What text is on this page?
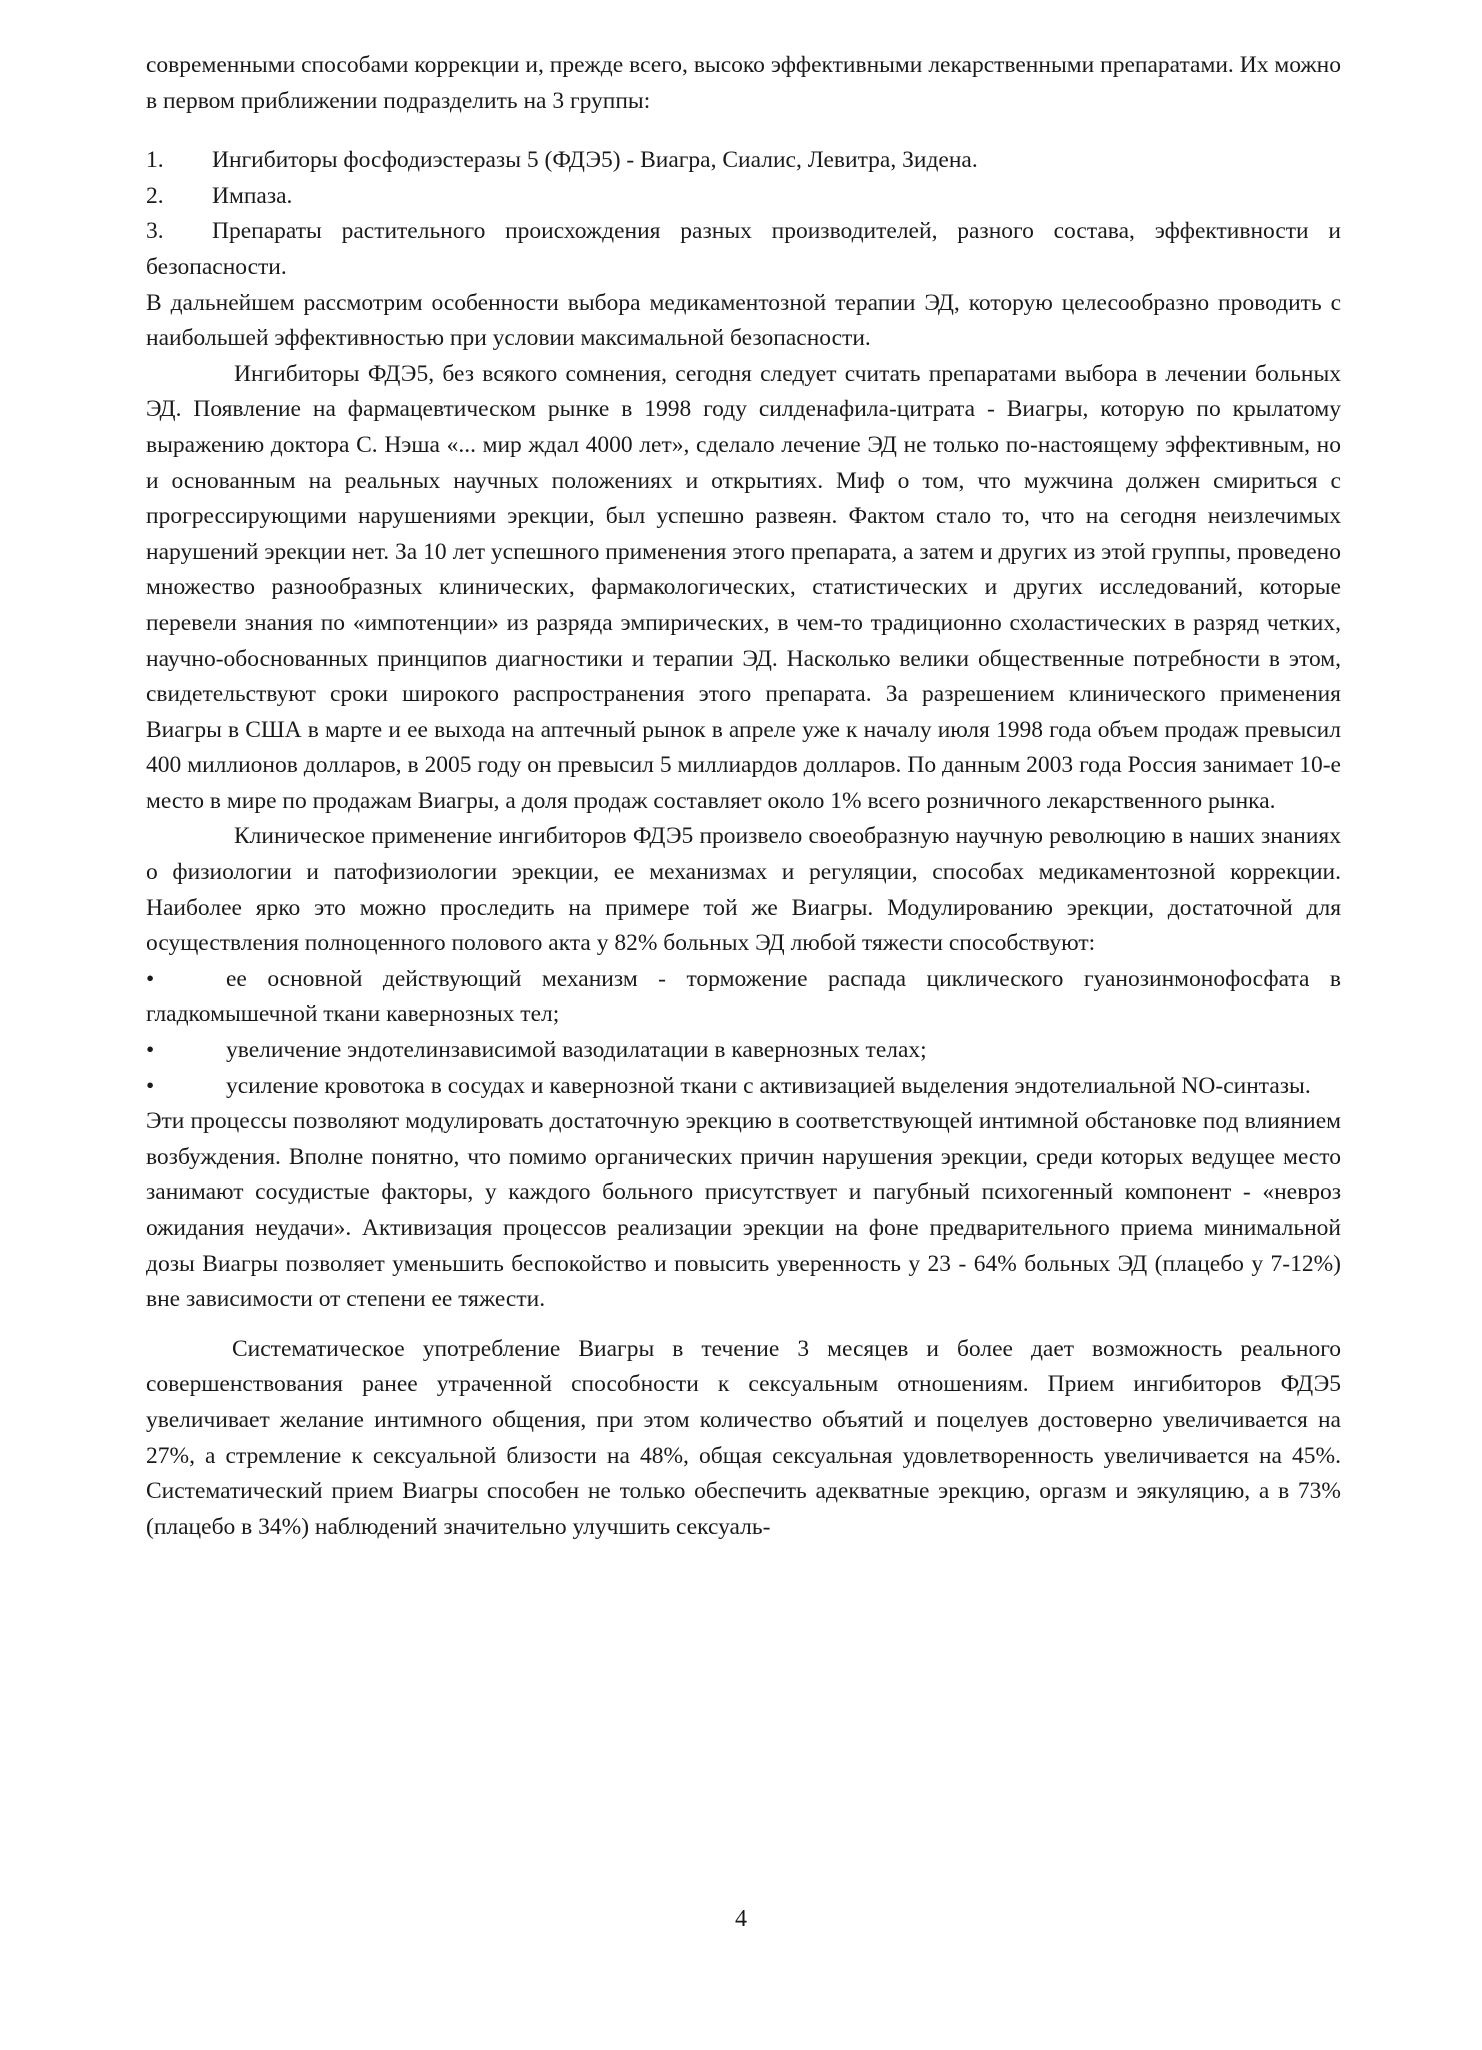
современными способами коррекции и, прежде всего, высоко эффективными лекарственными препаратами. Их можно в первом приближении подразделить на 3 группы:

1.	Ингибиторы фосфодиэстеразы 5 (ФДЭ5) - Виагра, Сиалис, Левитра, Зидена.
2.	Импаза.

3. Препараты растительного происхождения разных производителей, разного состава, эффективности и безопасности.

В дальнейшем рассмотрим особенности выбора медикаментозной терапии ЭД, которую целесообразно проводить с наибольшей эффективностью при условии максимальной безопасности.

Ингибиторы ФДЭ5, без всякого сомнения, сегодня следует считать препаратами выбора в лечении больных ЭД. Появление на фармацевтическом рынке в 1998 году силденафила-цитрата - Виагры, которую по крылатому выражению доктора С. Нэша «... мир ждал 4000 лет», сделало лечение ЭД не только по-настоящему эффективным, но и основанным на реальных научных положениях и открытиях. Миф о том, что мужчина должен смириться с прогрессирующими нарушениями эрекции, был успешно развеян. Фактом стало то, что на сегодня неизлечимых нарушений эрекции нет. За 10 лет успешного применения этого препарата, а затем и других из этой группы, проведено множество разнообразных клинических, фармакологических, статистических и других исследований, которые перевели знания по «импотенции» из разряда эмпирических, в чем-то традиционно схоластических в разряд четких, научно-обоснованных принципов диагностики и терапии ЭД. Насколько велики общественные потребности в этом, свидетельствуют сроки широкого распространения этого препарата. За разрешением клинического применения Виагры в США в марте и ее выхода на аптечный рынок в апреле уже к началу июля 1998 года объем продаж превысил 400 миллионов долларов, в 2005 году он превысил 5 миллиардов долларов. По данным 2003 года Россия занимает 10-е место в мире по продажам Виагры, а доля продаж составляет около 1% всего розничного лекарственного рынка.

Клиническое применение ингибиторов ФДЭ5 произвело своеобразную научную революцию в наших знаниях о физиологии и патофизиологии эрекции, ее механизмах и регуляции, способах медикаментозной коррекции. Наиболее ярко это можно проследить на примере той же Виагры. Модулированию эрекции, достаточной для осуществления полноценного полового акта у 82% больных ЭД любой тяжести способствуют:

•	ее основной действующий механизм - торможение распада циклического гуанозинмонофосфата в гладкомышечной ткани кавернозных тел;

•	увеличение эндотелинзависимой вазодилатации в кавернозных телах;

•	усиление кровотока в сосудах и кавернозной ткани с активизацией выделения эндотелиальной NO-синтазы.

Эти процессы позволяют модулировать достаточную эрекцию в соответствующей интимной обстановке под влиянием возбуждения. Вполне понятно, что помимо органических причин нарушения эрекции, среди которых ведущее место занимают сосудистые факторы, у каждого больного присутствует и пагубный психогенный компонент - «невроз ожидания неудачи». Активизация процессов реализации эрекции на фоне предварительного приема минимальной дозы Виагры позволяет уменьшить беспокойство и повысить уверенность у 23 - 64% больных ЭД (плацебо у 7-12%) вне зависимости от степени ее тяжести.

Систематическое употребление Виагры в течение 3 месяцев и более дает возможность реального совершенствования ранее утраченной способности к сексуальным отношениям. Прием ингибиторов ФДЭ5 увеличивает желание интимного общения, при этом количество объятий и поцелуев достоверно увеличивается на 27%, а стремление к сексуальной близости на 48%, общая сексуальная удовлетворенность увеличивается на 45%. Систематический прием Виагры способен не только обеспечить адекватные эрекцию, оргазм и эякуляцию, а в 73% (плацебо в 34%) наблюдений значительно улучшить сексуаль-

4
